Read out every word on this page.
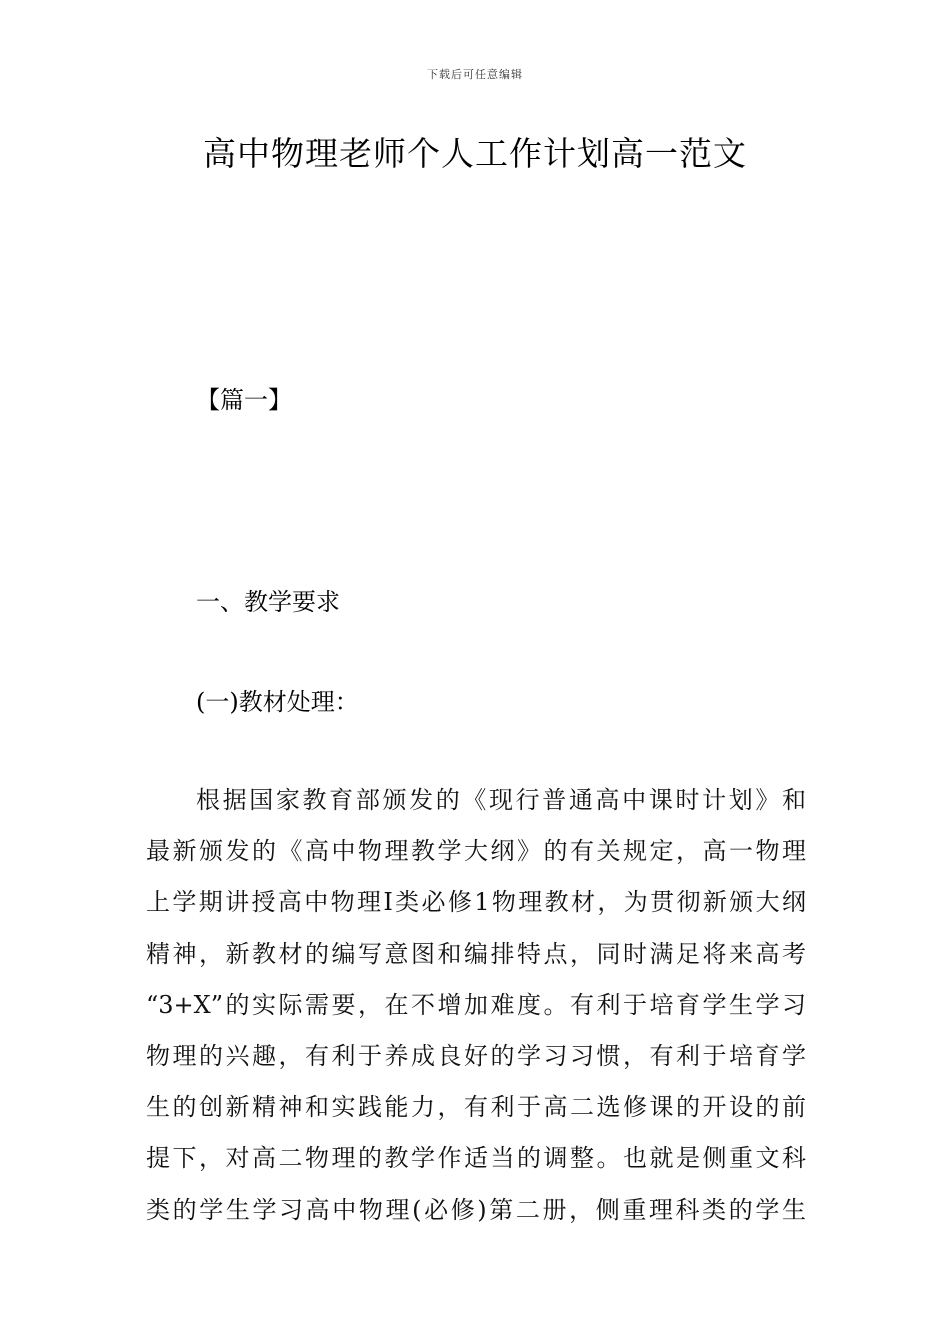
下载后可任意编辑
高中物理老师个人工作计划高一范文
【篇一】
一、教学要求
(一)教材处理：
根据国家教育部颁发的《现行普通高中课时计划》和
最新颁发的《高中物理教学大纲》的有关规定，高一物理
上学期讲授高中物理Ⅰ类必修1物理教材，为贯彻新颁大纲
精神，新教材的编写意图和编排特点，同时满足将来高考
“3+X”的实际需要，在不增加难度。有利于培育学生学习
物理的兴趣，有利于养成良好的学习习惯，有利于培育学
生的创新精神和实践能力，有利于高二选修课的开设的前
提下，对高二物理的教学作适当的调整。也就是侧重文科
类的学生学习高中物理(必修)第二册，侧重理科类的学生
